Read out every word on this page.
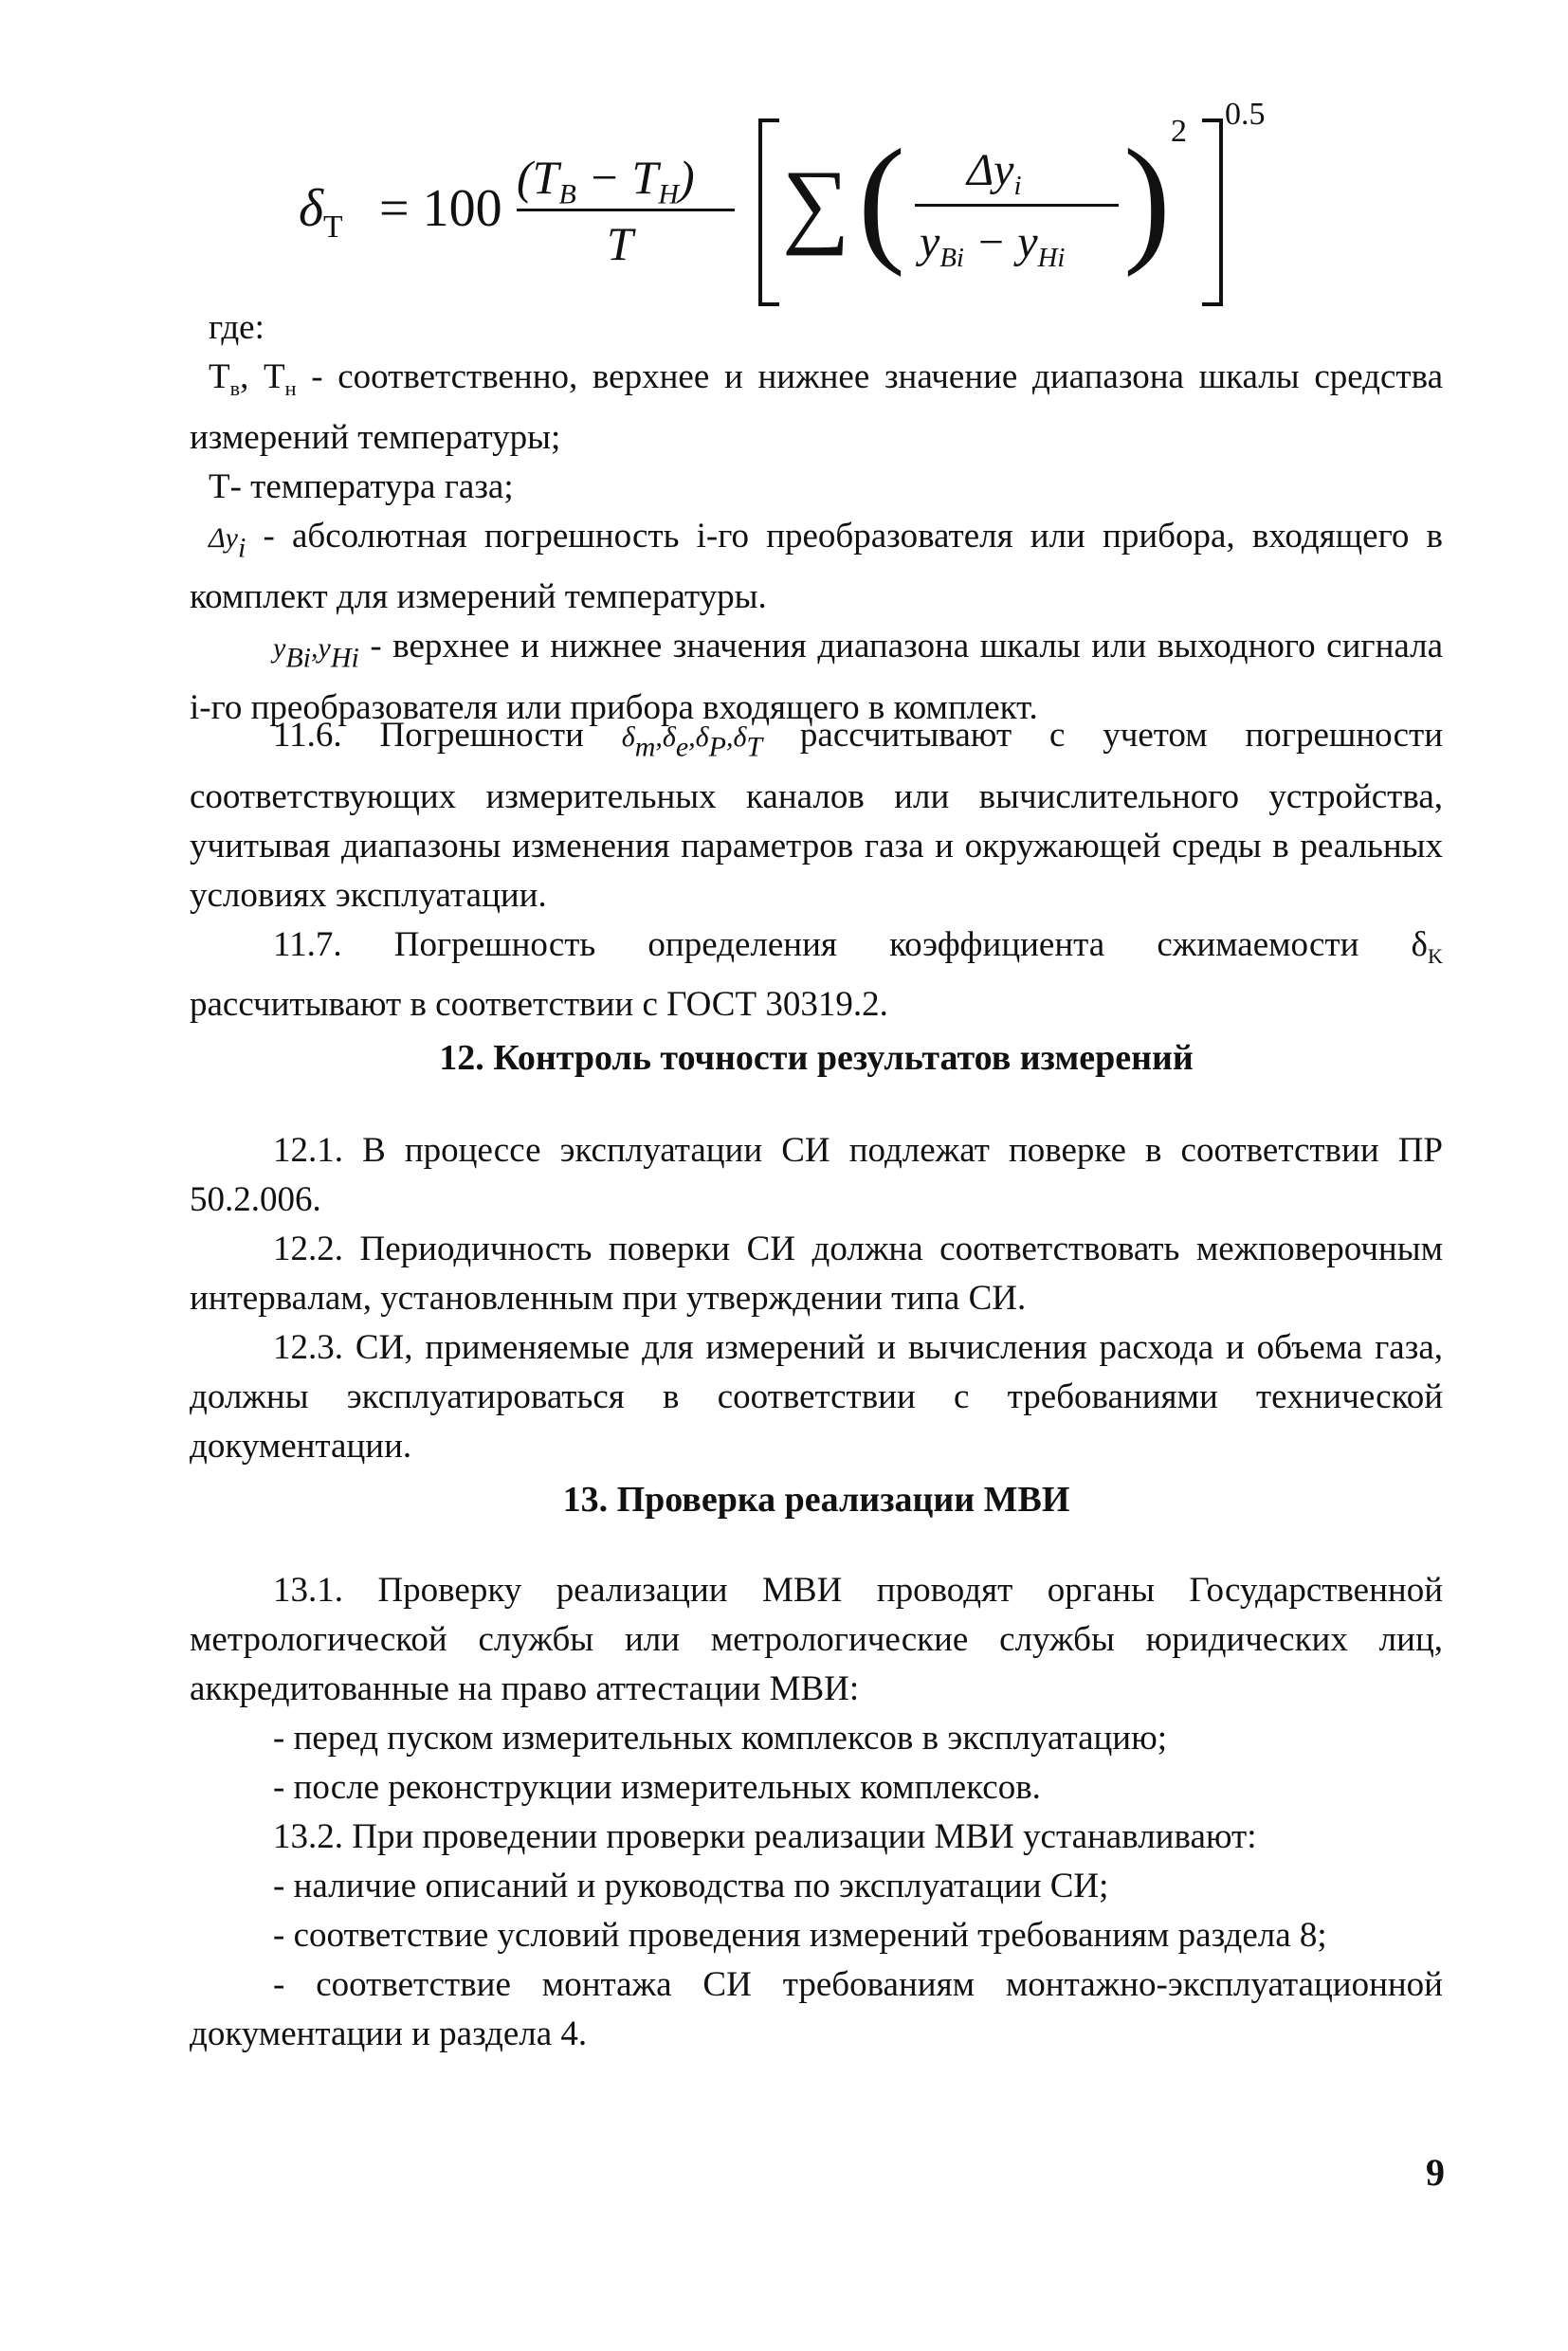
$\delta_T = 100$
$(T_B - T_H)$
T ∑ ( $\Delta y_i$
$y_{Bi} - y_{Hi}$ ) 2 0.5

где:

$Т_в$, $Т_н$ - соответственно, верхнее и нижнее значение диапазона шкалы средства измерений температуры;

Т- температура газа;

$\Delta y_i$ - абсолютная погрешность i-го преобразователя или прибора, входящего в комплект для измерений температуры.

$y_{Bi},y_{Hi}$ - верхнее и нижнее значения диапазона шкалы или выходного сигнала i-го преобразователя или прибора входящего в комплект.

11.6. Погрешности $\delta_m,\delta_e,\delta_P,\delta_T$ рассчитывают с учетом погрешности соответствующих измерительных каналов или вычислительного устройства, учитывая диапазоны изменения параметров газа и окружающей среды в реальных условиях эксплуатации.

11.7. Погрешность определения коэффициента сжимаемости $\delta_K$ рассчитывают в соответствии с ГОСТ 30319.2.

12. Контроль точности результатов измерений

12.1. В процессе эксплуатации СИ подлежат поверке в соответствии ПР 50.2.006.

12.2. Периодичность поверки СИ должна соответствовать межповерочным интервалам, установленным при утверждении типа СИ.

12.3. СИ, применяемые для измерений и вычисления расхода и объема газа, должны эксплуатироваться в соответствии с требованиями технической документации.

13. Проверка реализации МВИ

13.1. Проверку реализации МВИ проводят органы Государственной метрологической службы или метрологические службы юридических лиц, аккредитованные на право аттестации МВИ:

- перед пуском измерительных комплексов в эксплуатацию;

- после реконструкции измерительных комплексов.

13.2. При проведении проверки реализации МВИ устанавливают:

- наличие описаний и руководства по эксплуатации СИ;

- соответствие условий проведения измерений требованиям раздела 8;

- соответствие монтажа СИ требованиям монтажно-эксплуатационной документации и раздела 4.

9
